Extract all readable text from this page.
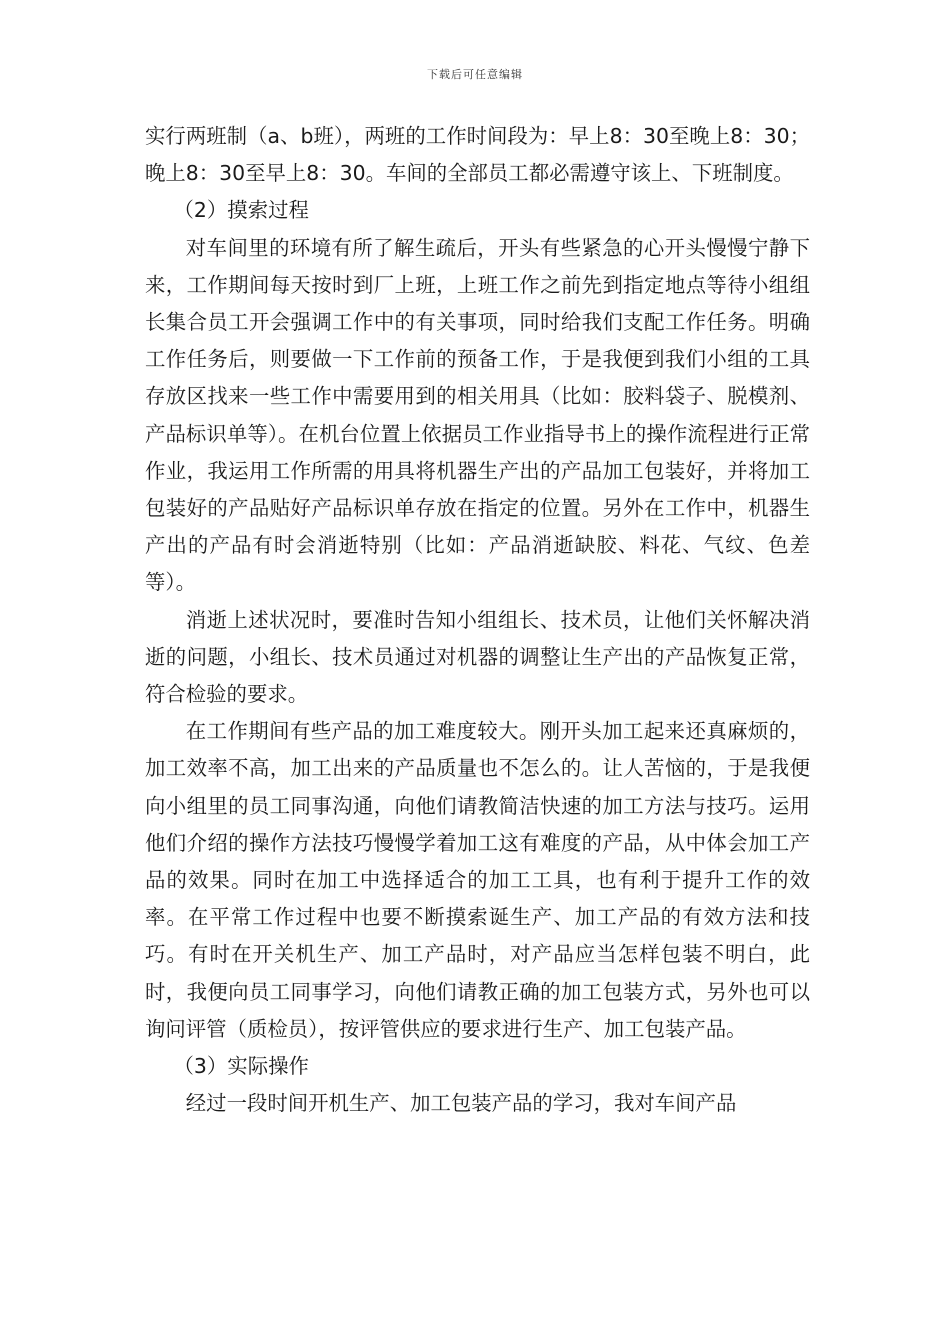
下载后可任意编辑

实行两班制（a、b班），两班的工作时间段为：早上8：30至晚上8：30；晚上8：30至早上8：30。车间的全部员工都必需遵守该上、下班制度。

（2）摸索过程

对车间里的环境有所了解生疏后，开头有些紧急的心开头慢慢宁静下来，工作期间每天按时到厂上班，上班工作之前先到指定地点等待小组组长集合员工开会强调工作中的有关事项，同时给我们支配工作任务。明确工作任务后，则要做一下工作前的预备工作，于是我便到我们小组的工具存放区找来一些工作中需要用到的相关用具（比如：胶料袋子、脱模剂、产品标识单等）。在机台位置上依据员工作业指导书上的操作流程进行正常作业，我运用工作所需的用具将机器生产出的产品加工包装好，并将加工包装好的产品贴好产品标识单存放在指定的位置。另外在工作中，机器生产出的产品有时会消逝特别（比如：产品消逝缺胶、料花、气纹、色差等）。

消逝上述状况时，要准时告知小组组长、技术员，让他们关怀解决消逝的问题，小组长、技术员通过对机器的调整让生产出的产品恢复正常，符合检验的要求。

在工作期间有些产品的加工难度较大。刚开头加工起来还真麻烦的，加工效率不高，加工出来的产品质量也不怎么的。让人苦恼的，于是我便向小组里的员工同事沟通，向他们请教简洁快速的加工方法与技巧。运用他们介绍的操作方法技巧慢慢学着加工这有难度的产品，从中体会加工产品的效果。同时在加工中选择适合的加工工具，也有利于提升工作的效率。在平常工作过程中也要不断摸索诞生产、加工产品的有效方法和技巧。有时在开关机生产、加工产品时，对产品应当怎样包装不明白，此时，我便向员工同事学习，向他们请教正确的加工包装方式，另外也可以询问评管（质检员），按评管供应的要求进行生产、加工包装产品。

（3）实际操作

经过一段时间开机生产、加工包装产品的学习，我对车间产品
